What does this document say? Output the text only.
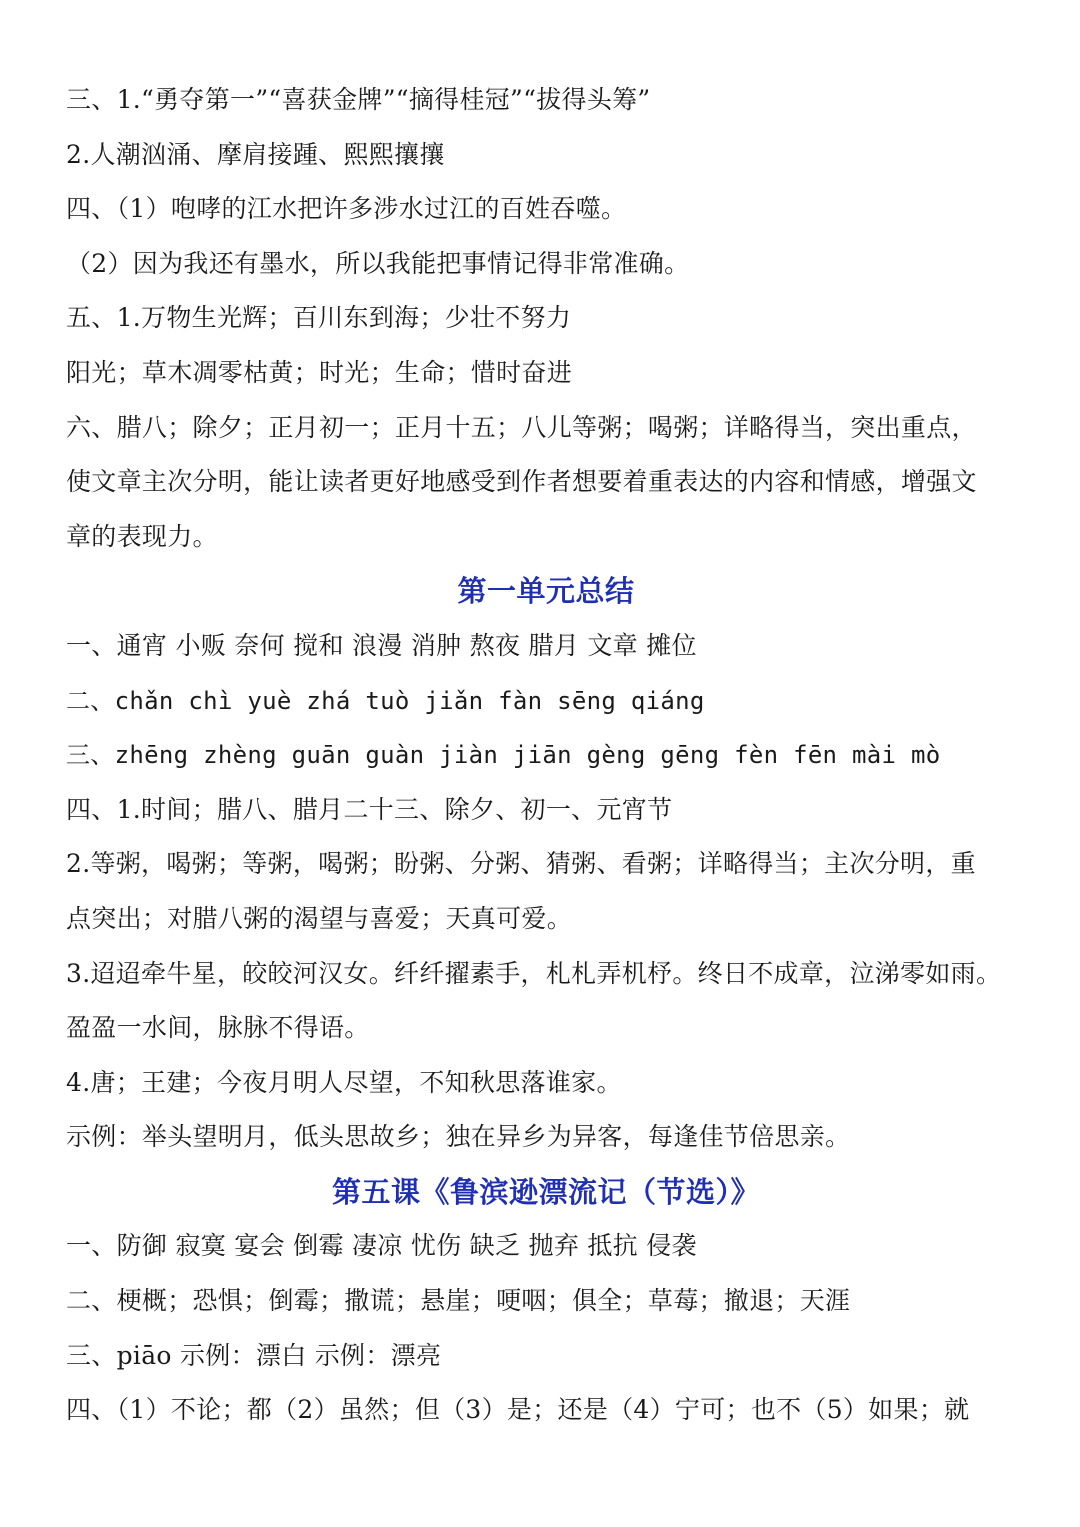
三、1.“勇夺第一”“喜获金牌”“摘得桂冠”“拔得头筹”
2.人潮汹涌、摩肩接踵、熙熙攘攘
四、（1）咆哮的江水把许多涉水过江的百姓吞噬。
（2）因为我还有墨水，所以我能把事情记得非常准确。
五、1.万物生光辉；百川东到海；少壮不努力
阳光；草木凋零枯黄；时光；生命；惜时奋进
六、腊八；除夕；正月初一；正月十五；八儿等粥；喝粥；详略得当，突出重点，
使文章主次分明，能让读者更好地感受到作者想要着重表达的内容和情感，增强文
章的表现力。
第一单元总结
一、通宵 小贩 奈何 搅和 浪漫 消肿 熬夜 腊月 文章 摊位
二、chǎn chì yuè zhá tuò jiǎn fàn sēng qiáng
三、zhēng zhèng guān guàn jiàn jiān gèng gēng fèn fēn mài mò
四、1.时间；腊八、腊月二十三、除夕、初一、元宵节
2.等粥，喝粥；等粥，喝粥；盼粥、分粥、猜粥、看粥；详略得当；主次分明，重
点突出；对腊八粥的渴望与喜爱；天真可爱。
3.迢迢牵牛星，皎皎河汉女。纤纤擢素手，札札弄机杼。终日不成章，泣涕零如雨。
盈盈一水间，脉脉不得语。
4.唐；王建；今夜月明人尽望，不知秋思落谁家。
示例：举头望明月，低头思故乡；独在异乡为异客，每逢佳节倍思亲。
第五课《鲁滨逊漂流记（节选）》
一、防御 寂寞 宴会 倒霉 凄凉 忧伤 缺乏 抛弃 抵抗 侵袭
二、梗概；恐惧；倒霉；撒谎；悬崖；哽咽；俱全；草莓；撤退；天涯
三、piāo 示例：漂白 示例：漂亮
四、（1）不论；都（2）虽然；但（3）是；还是（4）宁可；也不（5）如果；就
